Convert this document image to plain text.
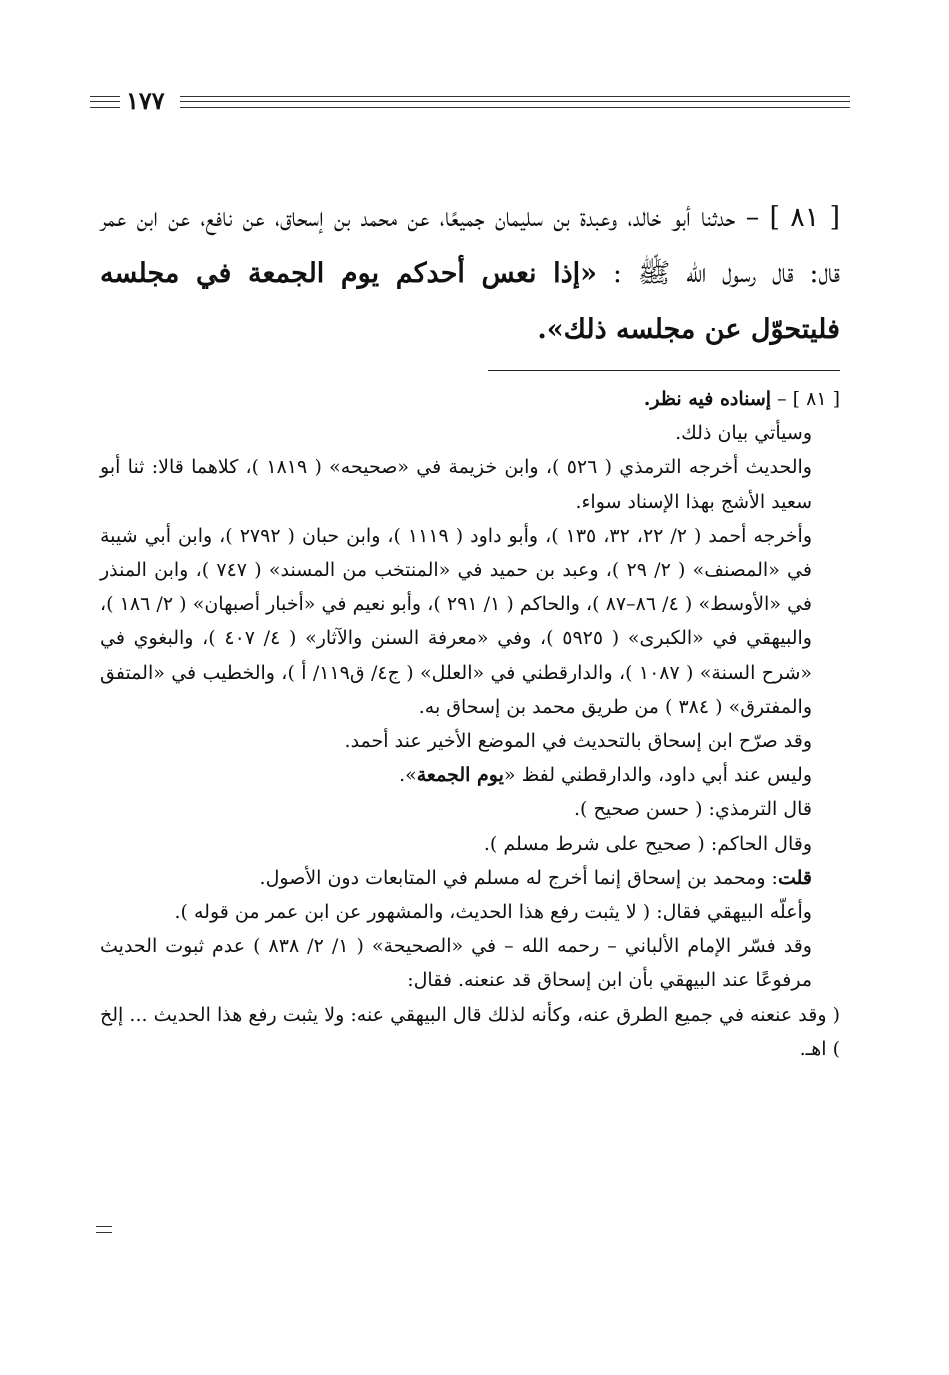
١٧٧

[ ٨١ ] – حدثنا أبو خالد، وعبدة بن سليمان جميعًا، عن محمد بن إسحاق، عن نافع، عن ابن عمر قال: قال رسول الله ﷺ : «إذا نعس أحدكم يوم الجمعة في مجلسه فليتحوّل عن مجلسه ذلك».

[ ٨١ ] – إسناده فيه نظر.

وسيأتي بيان ذلك.

والحديث أخرجه الترمذي ( ٥٢٦ )، وابن خزيمة في «صحيحه» ( ١٨١٩ )، كلاهما قالا: ثنا أبو سعيد الأشج بهذا الإسناد سواء.

وأخرجه أحمد ( ٢/ ٢٢، ٣٢، ١٣٥ )، وأبو داود ( ١١١٩ )، وابن حبان ( ٢٧٩٢ )، وابن أبي شيبة في «المصنف» ( ٢/ ٢٩ )، وعبد بن حميد في «المنتخب من المسند» ( ٧٤٧ )، وابن المنذر في «الأوسط» ( ٤/ ٨٦–٨٧ )، والحاكم ( ١/ ٢٩١ )، وأبو نعيم في «أخبار أصبهان» ( ٢/ ١٨٦ )، والبيهقي في «الكبرى» ( ٥٩٢٥ )، وفي «معرفة السنن والآثار» ( ٤/ ٤٠٧ )، والبغوي في «شرح السنة» ( ١٠٨٧ )، والدارقطني في «العلل» ( ج٤/ ق١١٩/ أ )، والخطيب في «المتفق والمفترق» ( ٣٨٤ ) من طريق محمد بن إسحاق به.

وقد صرّح ابن إسحاق بالتحديث في الموضع الأخير عند أحمد.

وليس عند أبي داود، والدارقطني لفظ «يوم الجمعة».

قال الترمذي: ( حسن صحيح ).

وقال الحاكم: ( صحيح على شرط مسلم ).

قلت: ومحمد بن إسحاق إنما أخرج له مسلم في المتابعات دون الأصول.

وأعلّه البيهقي فقال: ( لا يثبت رفع هذا الحديث، والمشهور عن ابن عمر من قوله ).

وقد فسّر الإمام الألباني – رحمه الله – في «الصحيحة» ( ١/ ٢/ ٨٣٨ ) عدم ثبوت الحديث مرفوعًا عند البيهقي بأن ابن إسحاق قد عنعنه. فقال:

( وقد عنعنه في جميع الطرق عنه، وكأنه لذلك قال البيهقي عنه: ولا يثبت رفع هذا الحديث ... إلخ ) اهـ.
